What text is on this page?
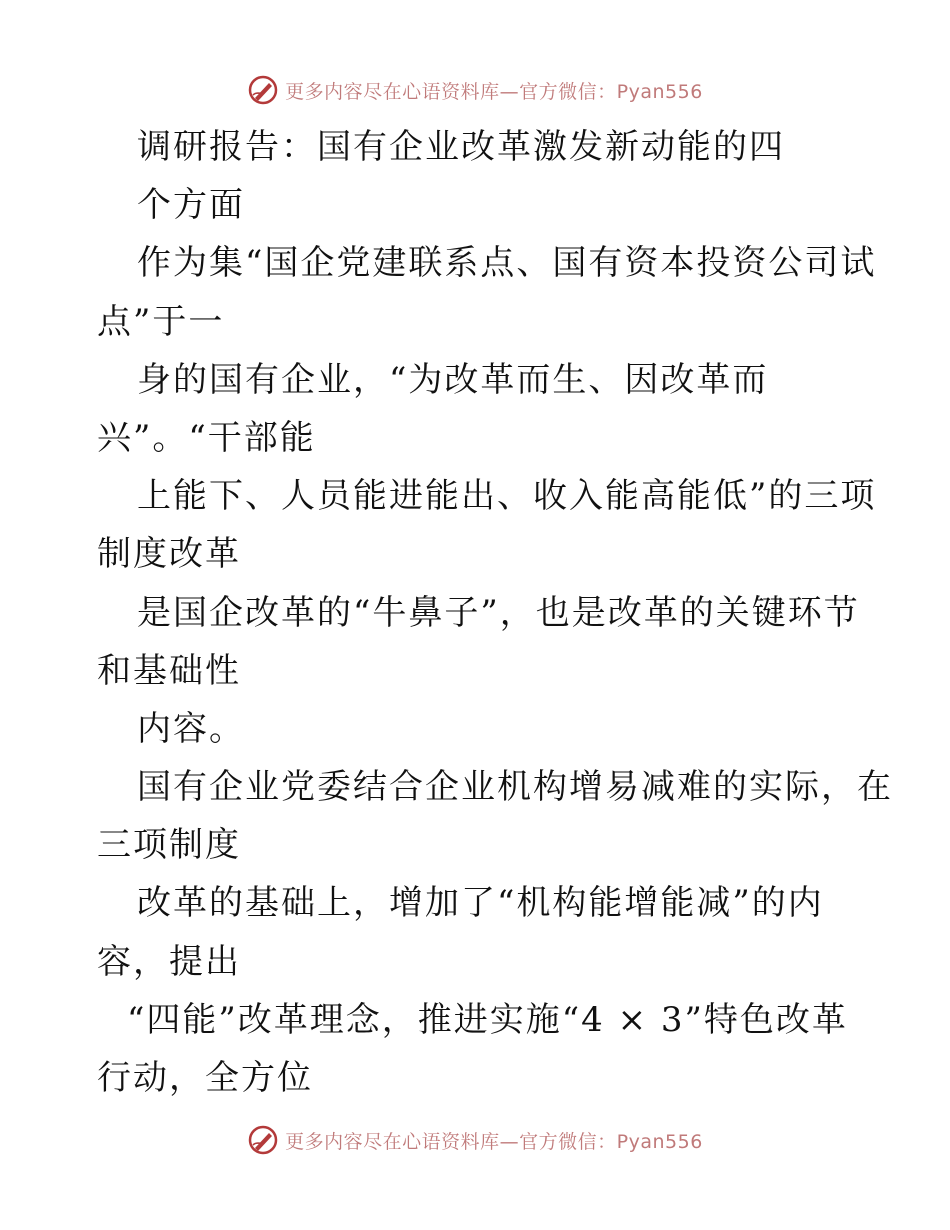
更多内容尽在心语资料库—官方微信：Pyan556
调研报告：国有企业改革激发新动能的四
个方面
作为集“国企党建联系点、国有资本投资公司试
点”于一
身的国有企业，“为改革而生、因改革而
兴”。“干部能
上能下、人员能进能出、收入能高能低”的三项
制度改革
是国企改革的“牛鼻子”，也是改革的关键环节
和基础性
内容。
国有企业党委结合企业机构增易减难的实际，在
三项制度
改革的基础上，增加了“机构能增能减”的内
容，提出
“四能”改革理念，推进实施“4 × 3”特色改革
行动，全方位
更多内容尽在心语资料库—官方微信：Pyan556
